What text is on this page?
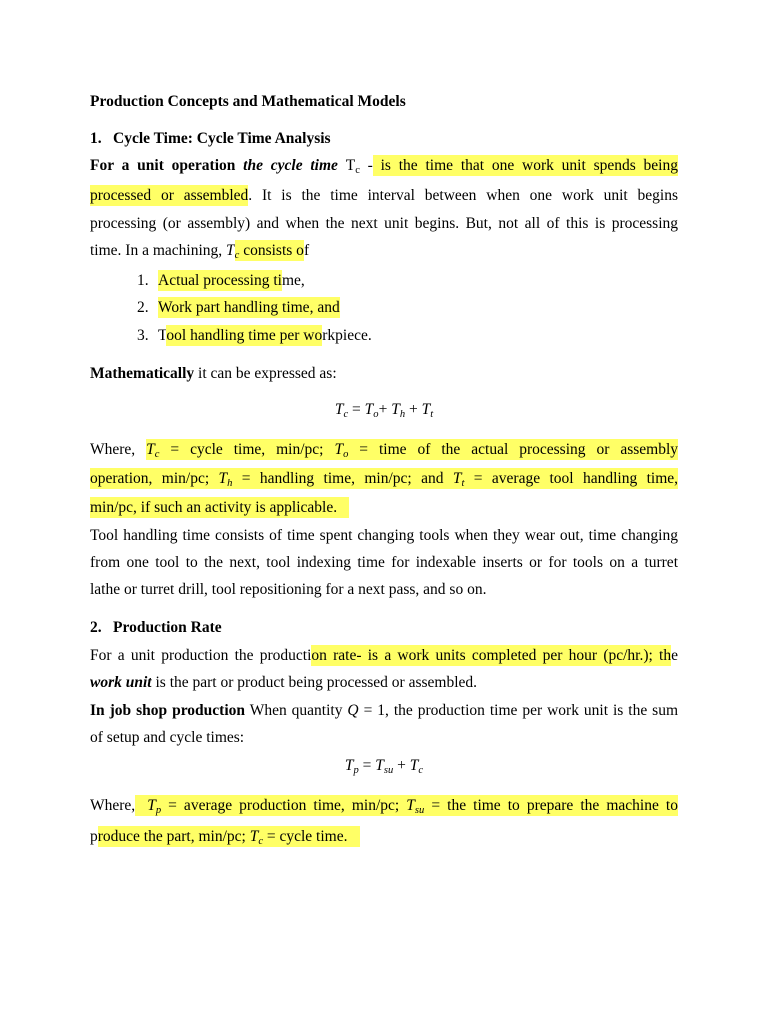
Production Concepts and Mathematical Models
1. Cycle Time: Cycle Time Analysis
For a unit operation the cycle time $T_c$ - is the time that one work unit spends being
processed or assembled. It is the time interval between when one work unit begins
processing (or assembly) and when the next unit begins. But, not all of this is processing
time. In a machining, $T_c$ consists of
1. Actual processing time,
2. Work part handling time, and
3. Tool handling time per workpiece.
Mathematically it can be expressed as:
$T_c = T_o+ T_h + T_t$
Where, $T_c$ = cycle time, min/pc; $T_o$ = time of the actual processing or assembly
operation, min/pc; $T_h$ = handling time, min/pc; and $T_t$ = average tool handling time,
min/pc, if such an activity is applicable.
Tool handling time consists of time spent changing tools when they wear out, time changing
from one tool to the next, tool indexing time for indexable inserts or for tools on a turret
lathe or turret drill, tool repositioning for a next pass, and so on.
2. Production Rate
For a unit production the production rate- is a work units completed per hour (pc/hr.); the
work unit is the part or product being processed or assembled.
In job shop production When quantity Q = 1, the production time per work unit is the sum
of setup and cycle times:
$T_p = T_{su} + T_c$
Where, $T_p$ = average production time, min/pc; $T_{su}$ = the time to prepare the machine to
produce the part, min/pc; $T_c$ = cycle time.
